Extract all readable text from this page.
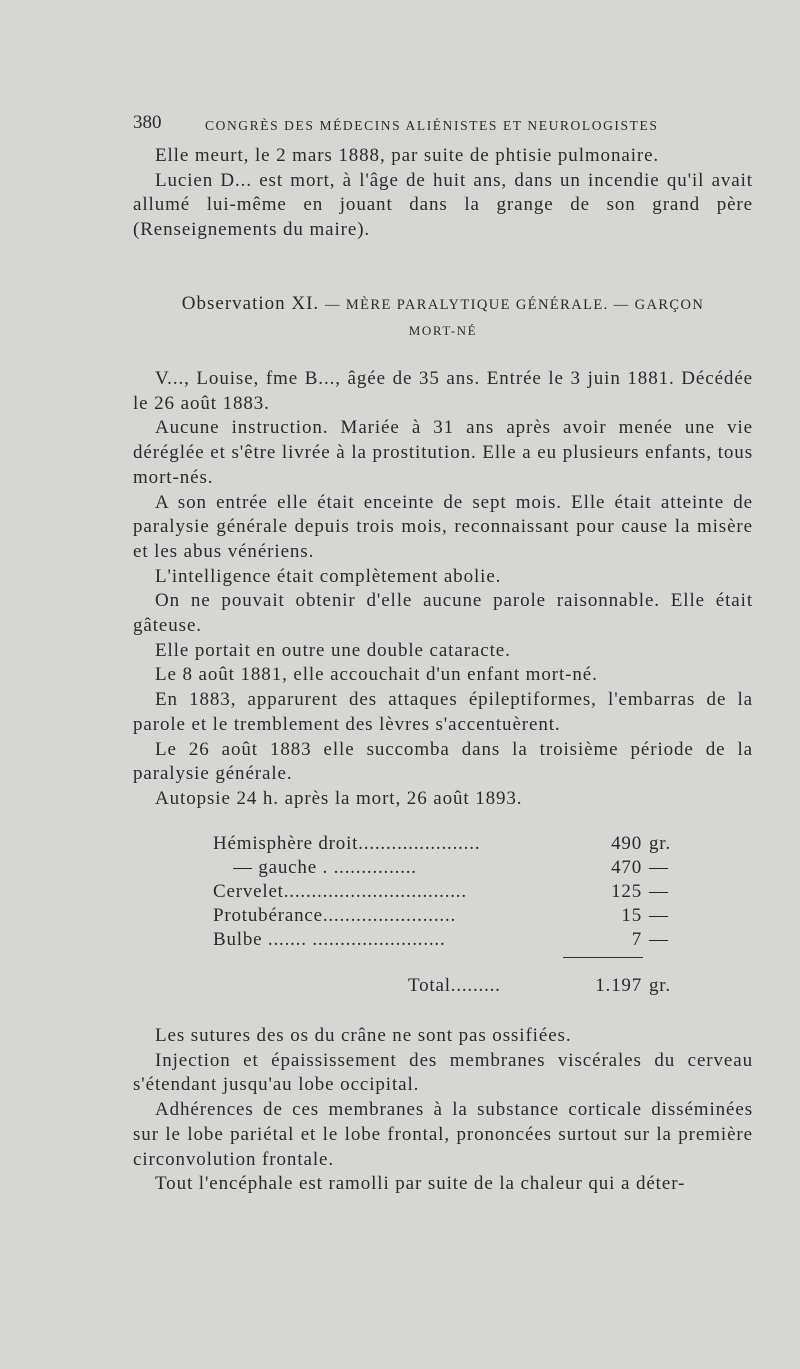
380	CONGRÈS DES MÉDECINS ALIÉNISTES ET NEUROLOGISTES

Elle meurt, le 2 mars 1888, par suite de phtisie pulmonaire.

Lucien D... est mort, à l'âge de huit ans, dans un incendie qu'il avait allumé lui-même en jouant dans la grange de son grand père (Renseignements du maire).

Observation XI. — MÈRE PARALYTIQUE GÉNÉRALE. — GARÇON
MORT-NÉ

V..., Louise, fme B..., âgée de 35 ans. Entrée le 3 juin 1881. Décédée le 26 août 1883.

Aucune instruction. Mariée à 31 ans après avoir menée une vie déréglée et s'être livrée à la prostitution. Elle a eu plusieurs enfants, tous mort-nés.

A son entrée elle était enceinte de sept mois. Elle était atteinte de paralysie générale depuis trois mois, reconnaissant pour cause la misère et les abus vénériens.

L'intelligence était complètement abolie.

On ne pouvait obtenir d'elle aucune parole raisonnable. Elle était gâteuse.

Elle portait en outre une double cataracte.

Le 8 août 1881, elle accouchait d'un enfant mort-né.

En 1883, apparurent des attaques épileptiformes, l'embarras de la parole et le tremblement des lèvres s'accentuèrent.

Le 26 août 1883 elle succomba dans la troisième période de la paralysie générale.

Autopsie 24 h. après la mort, 26 août 1893.

Hémisphère droit......................	490 gr.
— gauche . ...............	470 —
Cervelet.................................	125 —
Protubérance........................	15 —
Bulbe ....... ........................	7 —
Total.........	1.197 gr.

Les sutures des os du crâne ne sont pas ossifiées.

Injection et épaississement des membranes viscérales du cerveau s'étendant jusqu'au lobe occipital.

Adhérences de ces membranes à la substance corticale disséminées sur le lobe pariétal et le lobe frontal, prononcées surtout sur la première circonvolution frontale.

Tout l'encéphale est ramolli par suite de la chaleur qui a déter-
